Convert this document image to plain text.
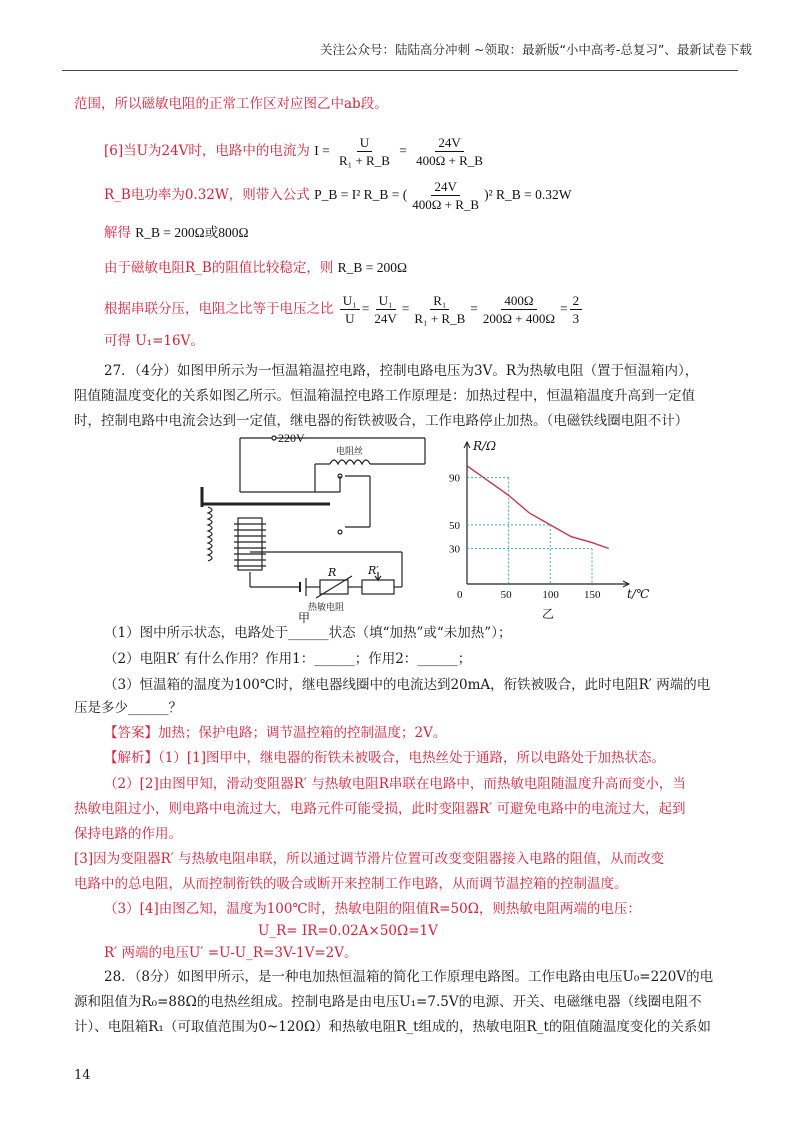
关注公众号：陆陆高分冲刺 ~领取：最新版“小中高考-总复习”、最新试卷下载
范围，所以磁敏电阻的正常工作区对应图乙中ab段。
[6]当U为24V时，电路中的电流为 $I = \frac{U}{\text{R₁ + R\_B}} = \frac{24V}{400\Omega + R\_B}$
R_B电功率为0.32W，则带入公式 P_B = I² R_B = ( $\frac{24V}{400\Omega + R\_B} )^2$ R_B = 0.32W
解得 R_B = 200Ω或800Ω
由于磁敏电阻R_B的阻值比较稳定，则 R_B = 200Ω
根据串联分压，电阻之比等于电压之比 $\frac{\text{U₁}}{U} = \frac{\text{U₁}}{24V} = \frac{\text{R₁}}{\text{R₁ + R\_B}} = \frac{400\Omega}{200\Omega + 400\Omega} = \frac{2}{3}$
可得 U₁=16V。
27．（4分）如图甲所示为一恒温箱温控电路，控制电路电压为3V。R为热敏电阻（置于恒温箱内），
阻值随温度变化的关系如图乙所示。恒温箱温控电路工作原理是：加热过程中，恒温箱温度升高到一定值
时，控制电路中电流会达到一定值，继电器的衔铁被吸合，工作电路停止加热。（电磁铁线圈电阻不计）
220V
电阻丝
R	R′
热敏电阻
甲
R/Ω
t/℃
0	50	100 150
30
50
90
乙
（1）图中所示状态，电路处于______状态（填“加热”或“未加热”）；
（2）电阻R′ 有什么作用？作用1：______；作用2：______；
（3）恒温箱的温度为100℃时，继电器线圈中的电流达到20mA，衔铁被吸合，此时电阻R′ 两端的电
压是多少______？
【答案】加热；保护电路；调节温控箱的控制温度；2V。
【解析】（1）[1]图甲中，继电器的衔铁未被吸合，电热丝处于通路，所以电路处于加热状态。
（2）[2]由图甲知，滑动变阻器R′ 与热敏电阻R串联在电路中，而热敏电阻随温度升高而变小，当
热敏电阻过小，则电路中电流过大，电路元件可能受损，此时变阻器R′ 可避免电路中的电流过大，起到
保持电路的作用。
[3]因为变阻器R′ 与热敏电阻串联，所以通过调节滑片位置可改变变阻器接入电路的阻值，从而改变
电路中的总电阻，从而控制衔铁的吸合或断开来控制工作电路，从而调节温控箱的控制温度。
（3）[4]由图乙知，温度为100℃时，热敏电阻的阻值R=50Ω，则热敏电阻两端的电压：
U_R= IR=0.02A×50Ω=1V
R′ 两端的电压U′ =U-U_R=3V-1V=2V。
28．（8分）如图甲所示，是一种电加热恒温箱的简化工作原理电路图。工作电路由电压U₀=220V的电
源和阻值为R₀=88Ω的电热丝组成。控制电路是由电压U₁=7.5V的电源、开关、电磁继电器（线圈电阻不
计）、电阻箱R₁（可取值范围为0~120Ω）和热敏电阻R_t组成的，热敏电阻R_t的阻值随温度变化的关系如
14
